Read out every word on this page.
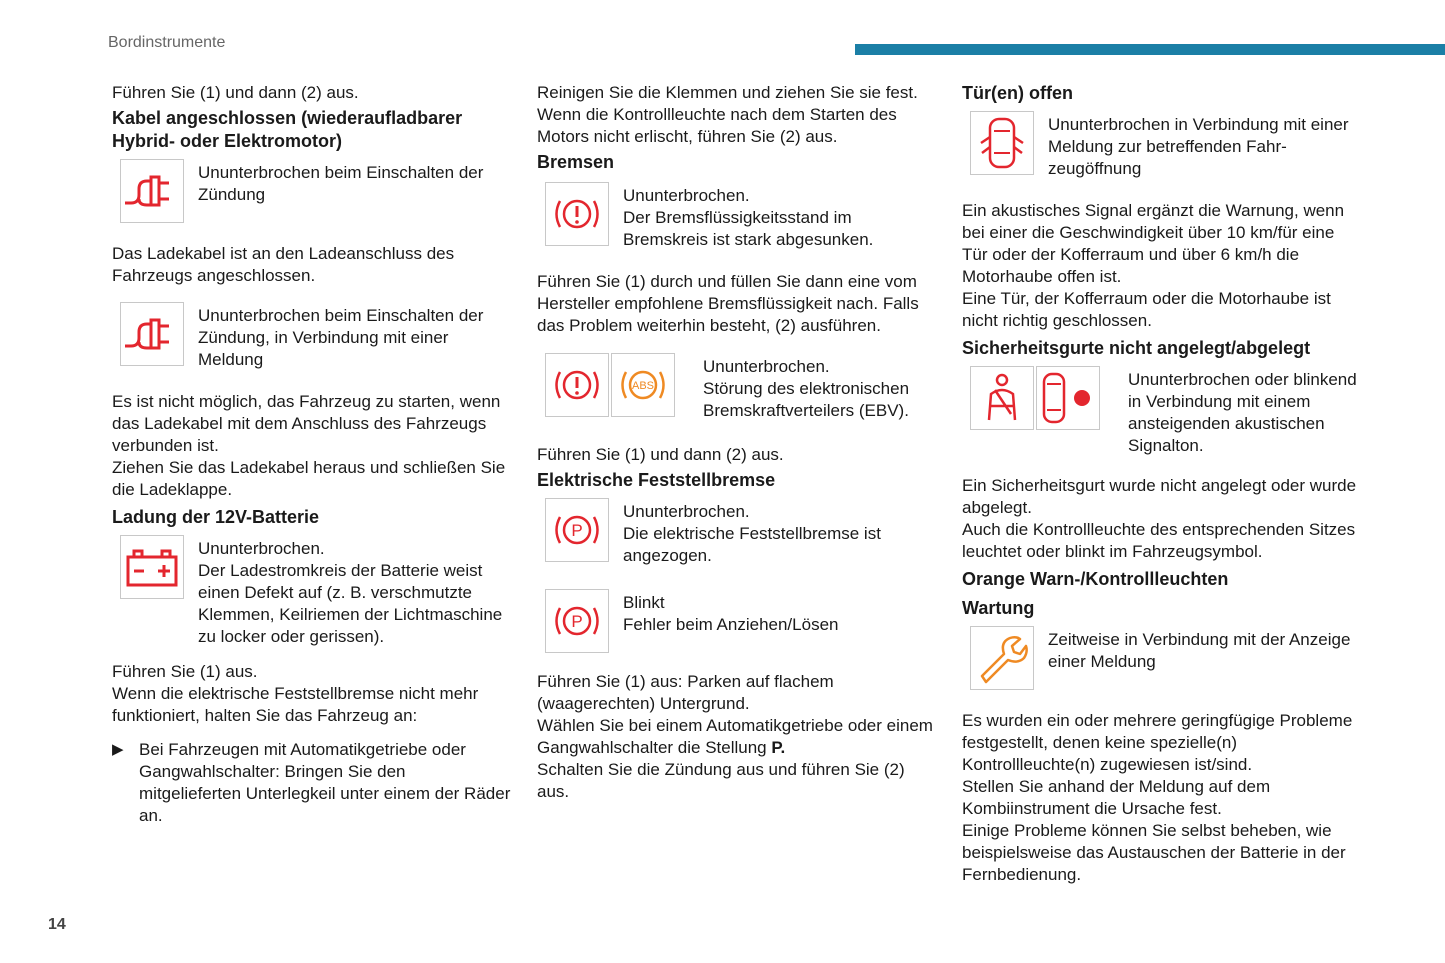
Bordinstrumente
14

Führen Sie (1) und dann (2) aus.

Kabel angeschlossen (wiederaufladbarer Hybrid- oder Elektromotor)
Ununterbrochen beim Einschalten der Zündung

Das Ladekabel ist an den Ladeanschluss des Fahrzeugs angeschlossen.

Ununterbrochen beim Einschalten der Zündung, in Verbindung mit einer Meldung

Es ist nicht möglich, das Fahrzeug zu starten, wenn das Ladekabel mit dem Anschluss des Fahrzeugs verbunden ist.

Ziehen Sie das Ladekabel heraus und schließen Sie die Ladeklappe.

Ladung der 12V-Batterie
Ununterbrochen.
Der Ladestromkreis der Batterie weist einen Defekt auf (z. B. verschmutzte Klemmen, Keilriemen der Lichtmaschine zu locker oder gerissen).

Führen Sie (1) aus.

Wenn die elektrische Feststellbremse nicht mehr funktioniert, halten Sie das Fahrzeug an:

▶ Bei Fahrzeugen mit Automatikgetriebe oder Gangwahlschalter: Bringen Sie den mitgelieferten Unterlegkeil unter einem der Räder an.

Reinigen Sie die Klemmen und ziehen Sie sie fest. Wenn die Kontrollleuchte nach dem Starten des Motors nicht erlischt, führen Sie (2) aus.

Bremsen
Ununterbrochen.
Der Bremsflüssigkeitsstand im Bremskreis ist stark abgesunken.

Führen Sie (1) durch und füllen Sie dann eine vom Hersteller empfohlene Bremsflüssigkeit nach. Falls das Problem weiterhin besteht, (2) ausführen.

ABS
Ununterbrochen.
Störung des elektronischen Bremskraftverteilers (EBV).

Führen Sie (1) und dann (2) aus.

Elektrische Feststellbremse
P
Ununterbrochen.
Die elektrische Feststellbremse ist angezogen.
P
Blinkt
Fehler beim Anziehen/Lösen

Führen Sie (1) aus: Parken auf flachem (waagerechten) Untergrund.

Wählen Sie bei einem Automatikgetriebe oder einem Gangwahlschalter die Stellung P.

Schalten Sie die Zündung aus und führen Sie (2) aus.

Tür(en) offen
Ununterbrochen in Verbindung mit einer Meldung zur betreffenden Fahrzeugöffnung

Ein akustisches Signal ergänzt die Warnung, wenn bei einer die Geschwindigkeit über 10 km/für eine Tür oder der Kofferraum und über 6 km/h die Motorhaube offen ist.

Eine Tür, der Kofferraum oder die Motorhaube ist nicht richtig geschlossen.

Sicherheitsgurte nicht angelegt/abgelegt
Ununterbrochen oder blinkend in Verbindung mit einem ansteigenden akustischen Signalton.

Ein Sicherheitsgurt wurde nicht angelegt oder wurde abgelegt.

Auch die Kontrollleuchte des entsprechenden Sitzes leuchtet oder blinkt im Fahrzeugsymbol.

Orange Warn-/Kontrollleuchten
Wartung
Zeitweise in Verbindung mit der Anzeige einer Meldung

Es wurden ein oder mehrere geringfügige Probleme festgestellt, denen keine spezielle(n) Kontrollleuchte(n) zugewiesen ist/sind.

Stellen Sie anhand der Meldung auf dem Kombiinstrument die Ursache fest.

Einige Probleme können Sie selbst beheben, wie beispielsweise das Austauschen der Batterie in der Fernbedienung.
